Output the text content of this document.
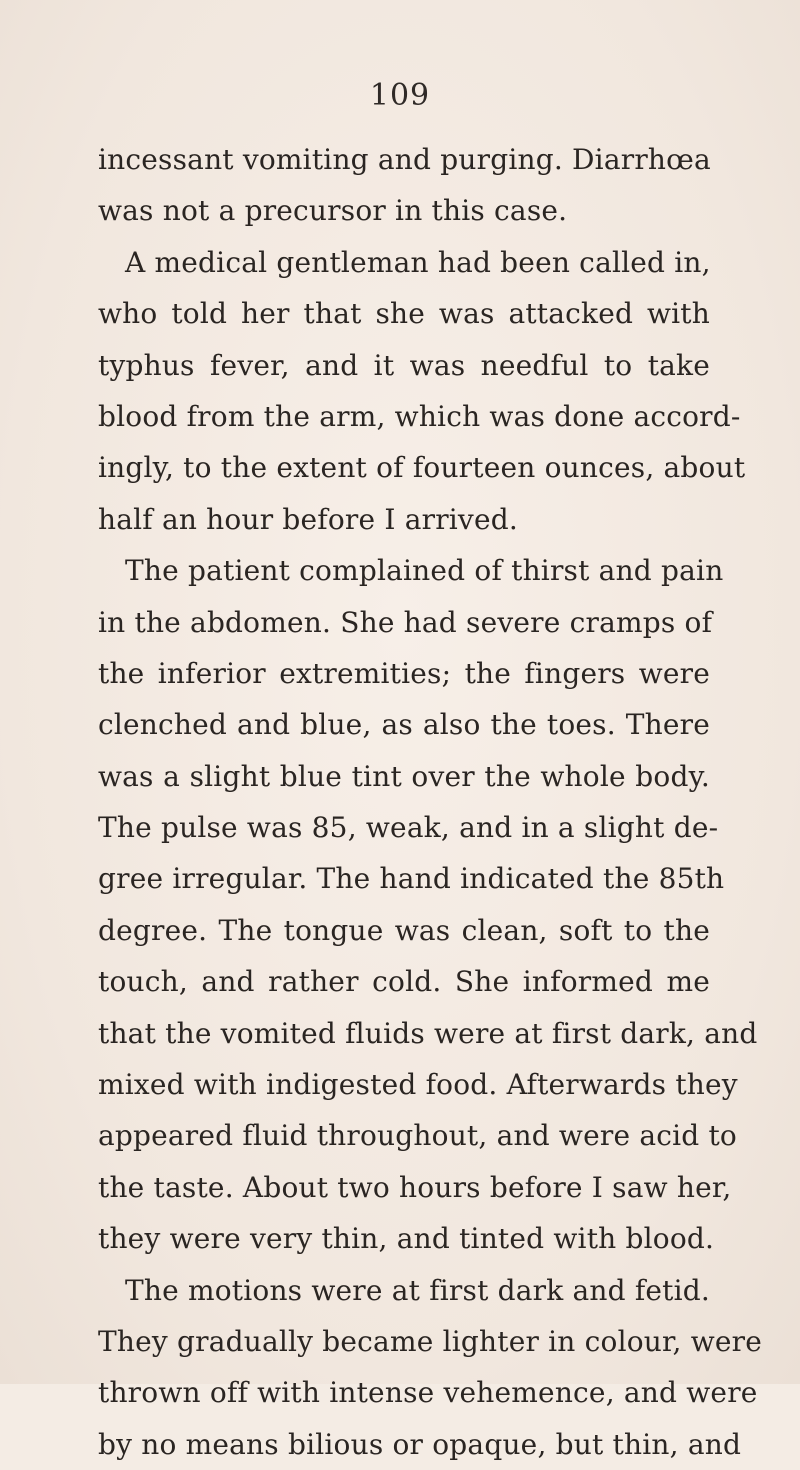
109
incessant vomiting and purging. Diarrhœa
was not a precursor in this case.
A medical gentleman had been called in,
who told her that she was attacked with
typhus fever, and it was needful to take
blood from the arm, which was done accord-
ingly, to the extent of fourteen ounces, about
half an hour before I arrived.
The patient complained of thirst and pain
in the abdomen. She had severe cramps of
the inferior extremities; the fingers were
clenched and blue, as also the toes. There
was a slight blue tint over the whole body.
The pulse was 85, weak, and in a slight de-
gree irregular. The hand indicated the 85th
degree. The tongue was clean, soft to the
touch, and rather cold. She informed me
that the vomited fluids were at first dark, and
mixed with indigested food. Afterwards they
appeared fluid throughout, and were acid to
the taste. About two hours before I saw her,
they were very thin, and tinted with blood.
The motions were at first dark and fetid.
They gradually became lighter in colour, were
thrown off with intense vehemence, and were
by no means bilious or opaque, but thin, and
